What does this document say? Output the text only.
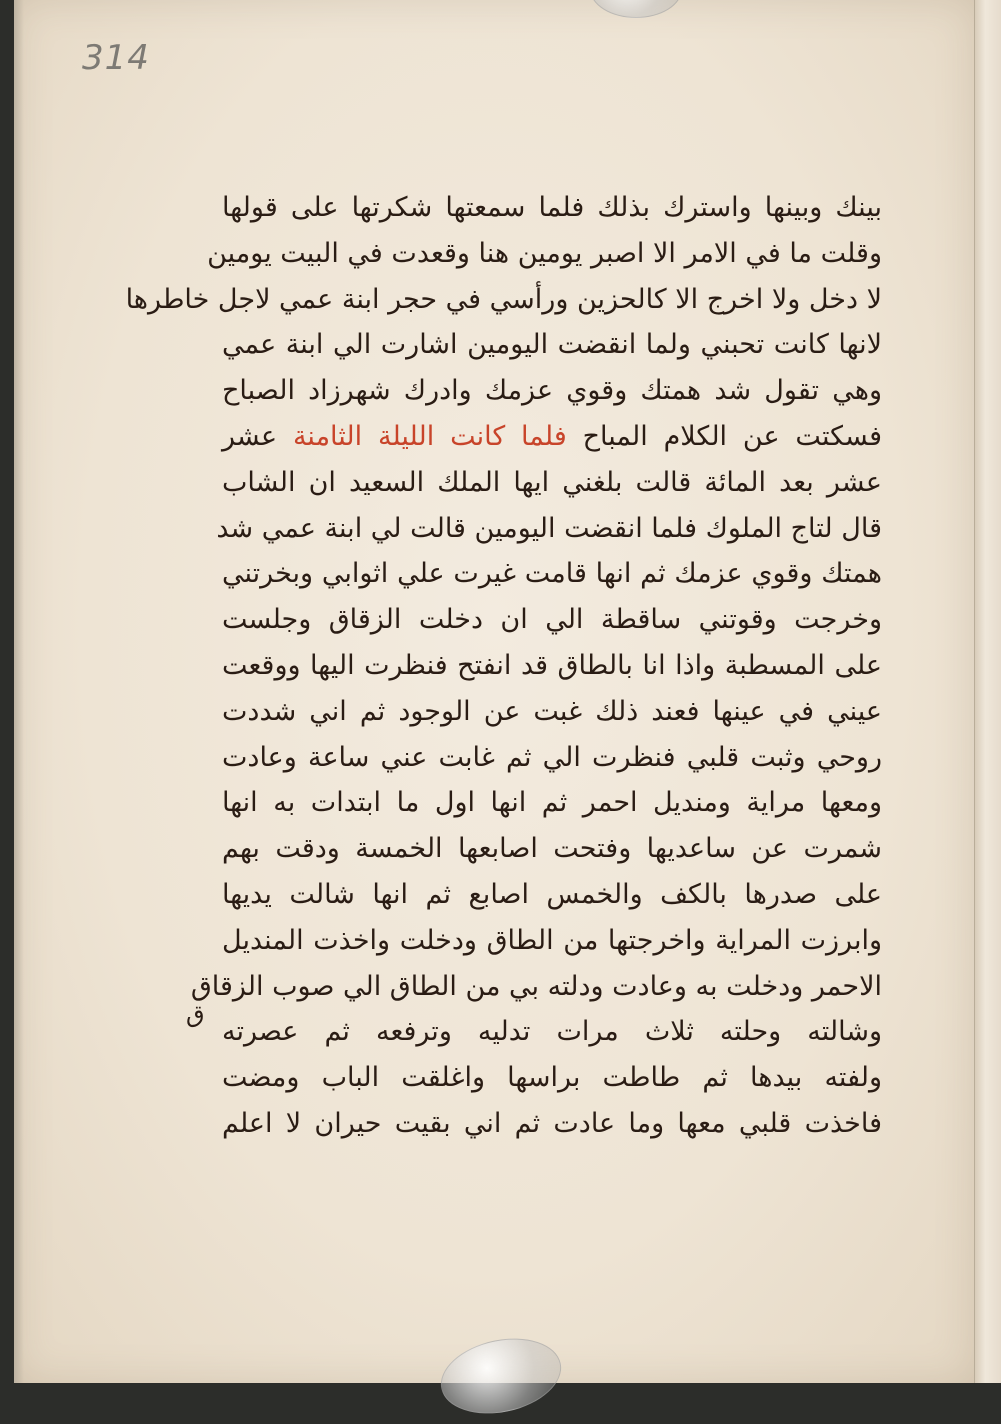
314
بينك وبينها واسترك بذلك فلما سمعتها شكرتها على قولها
وقلت ما في الامر الا اصبر يومين هنا وقعدت في البيت يومين
لا دخل ولا اخرج الا كالحزين ورأسي في حجر ابنة عمي لاجل خاطرها
لانها كانت تحبني ولما انقضت اليومين اشارت الي ابنة عمي
وهي تقول شد همتك وقوي عزمك وادرك شهرزاد الصباح
فسكتت عن الكلام المباح فلما كانت الليلة الثامنة عشر
عشر بعد المائة قالت بلغني ايها الملك السعيد ان الشاب
قال لتاج الملوك فلما انقضت اليومين قالت لي ابنة عمي شد
همتك وقوي عزمك ثم انها قامت غيرت علي اثوابي وبخرتني
وخرجت وقوتني ساقطة الي ان دخلت الزقاق وجلست
على المسطبة واذا انا بالطاق قد انفتح فنظرت اليها ووقعت
عيني في عينها فعند ذلك غبت عن الوجود ثم اني شددت
روحي وثبت قلبي فنظرت الي ثم غابت عني ساعة وعادت
ومعها مراية ومنديل احمر ثم انها اول ما ابتدات به انها
شمرت عن ساعديها وفتحت اصابعها الخمسة ودقت بهم
على صدرها بالكف والخمس اصابع ثم انها شالت يديها
وابرزت المراية واخرجتها من الطاق ودخلت واخذت المنديل
الاحمر ودخلت به وعادت ودلته بي من الطاق الي صوب الزقاق
وشالته وحلته ثلاث مرات تدليه وترفعه ثم عصرته
ولفته بيدها ثم طاطت براسها واغلقت الباب ومضت
فاخذت قلبي معها وما عادت ثم اني بقيت حيران لا اعلم
ق
